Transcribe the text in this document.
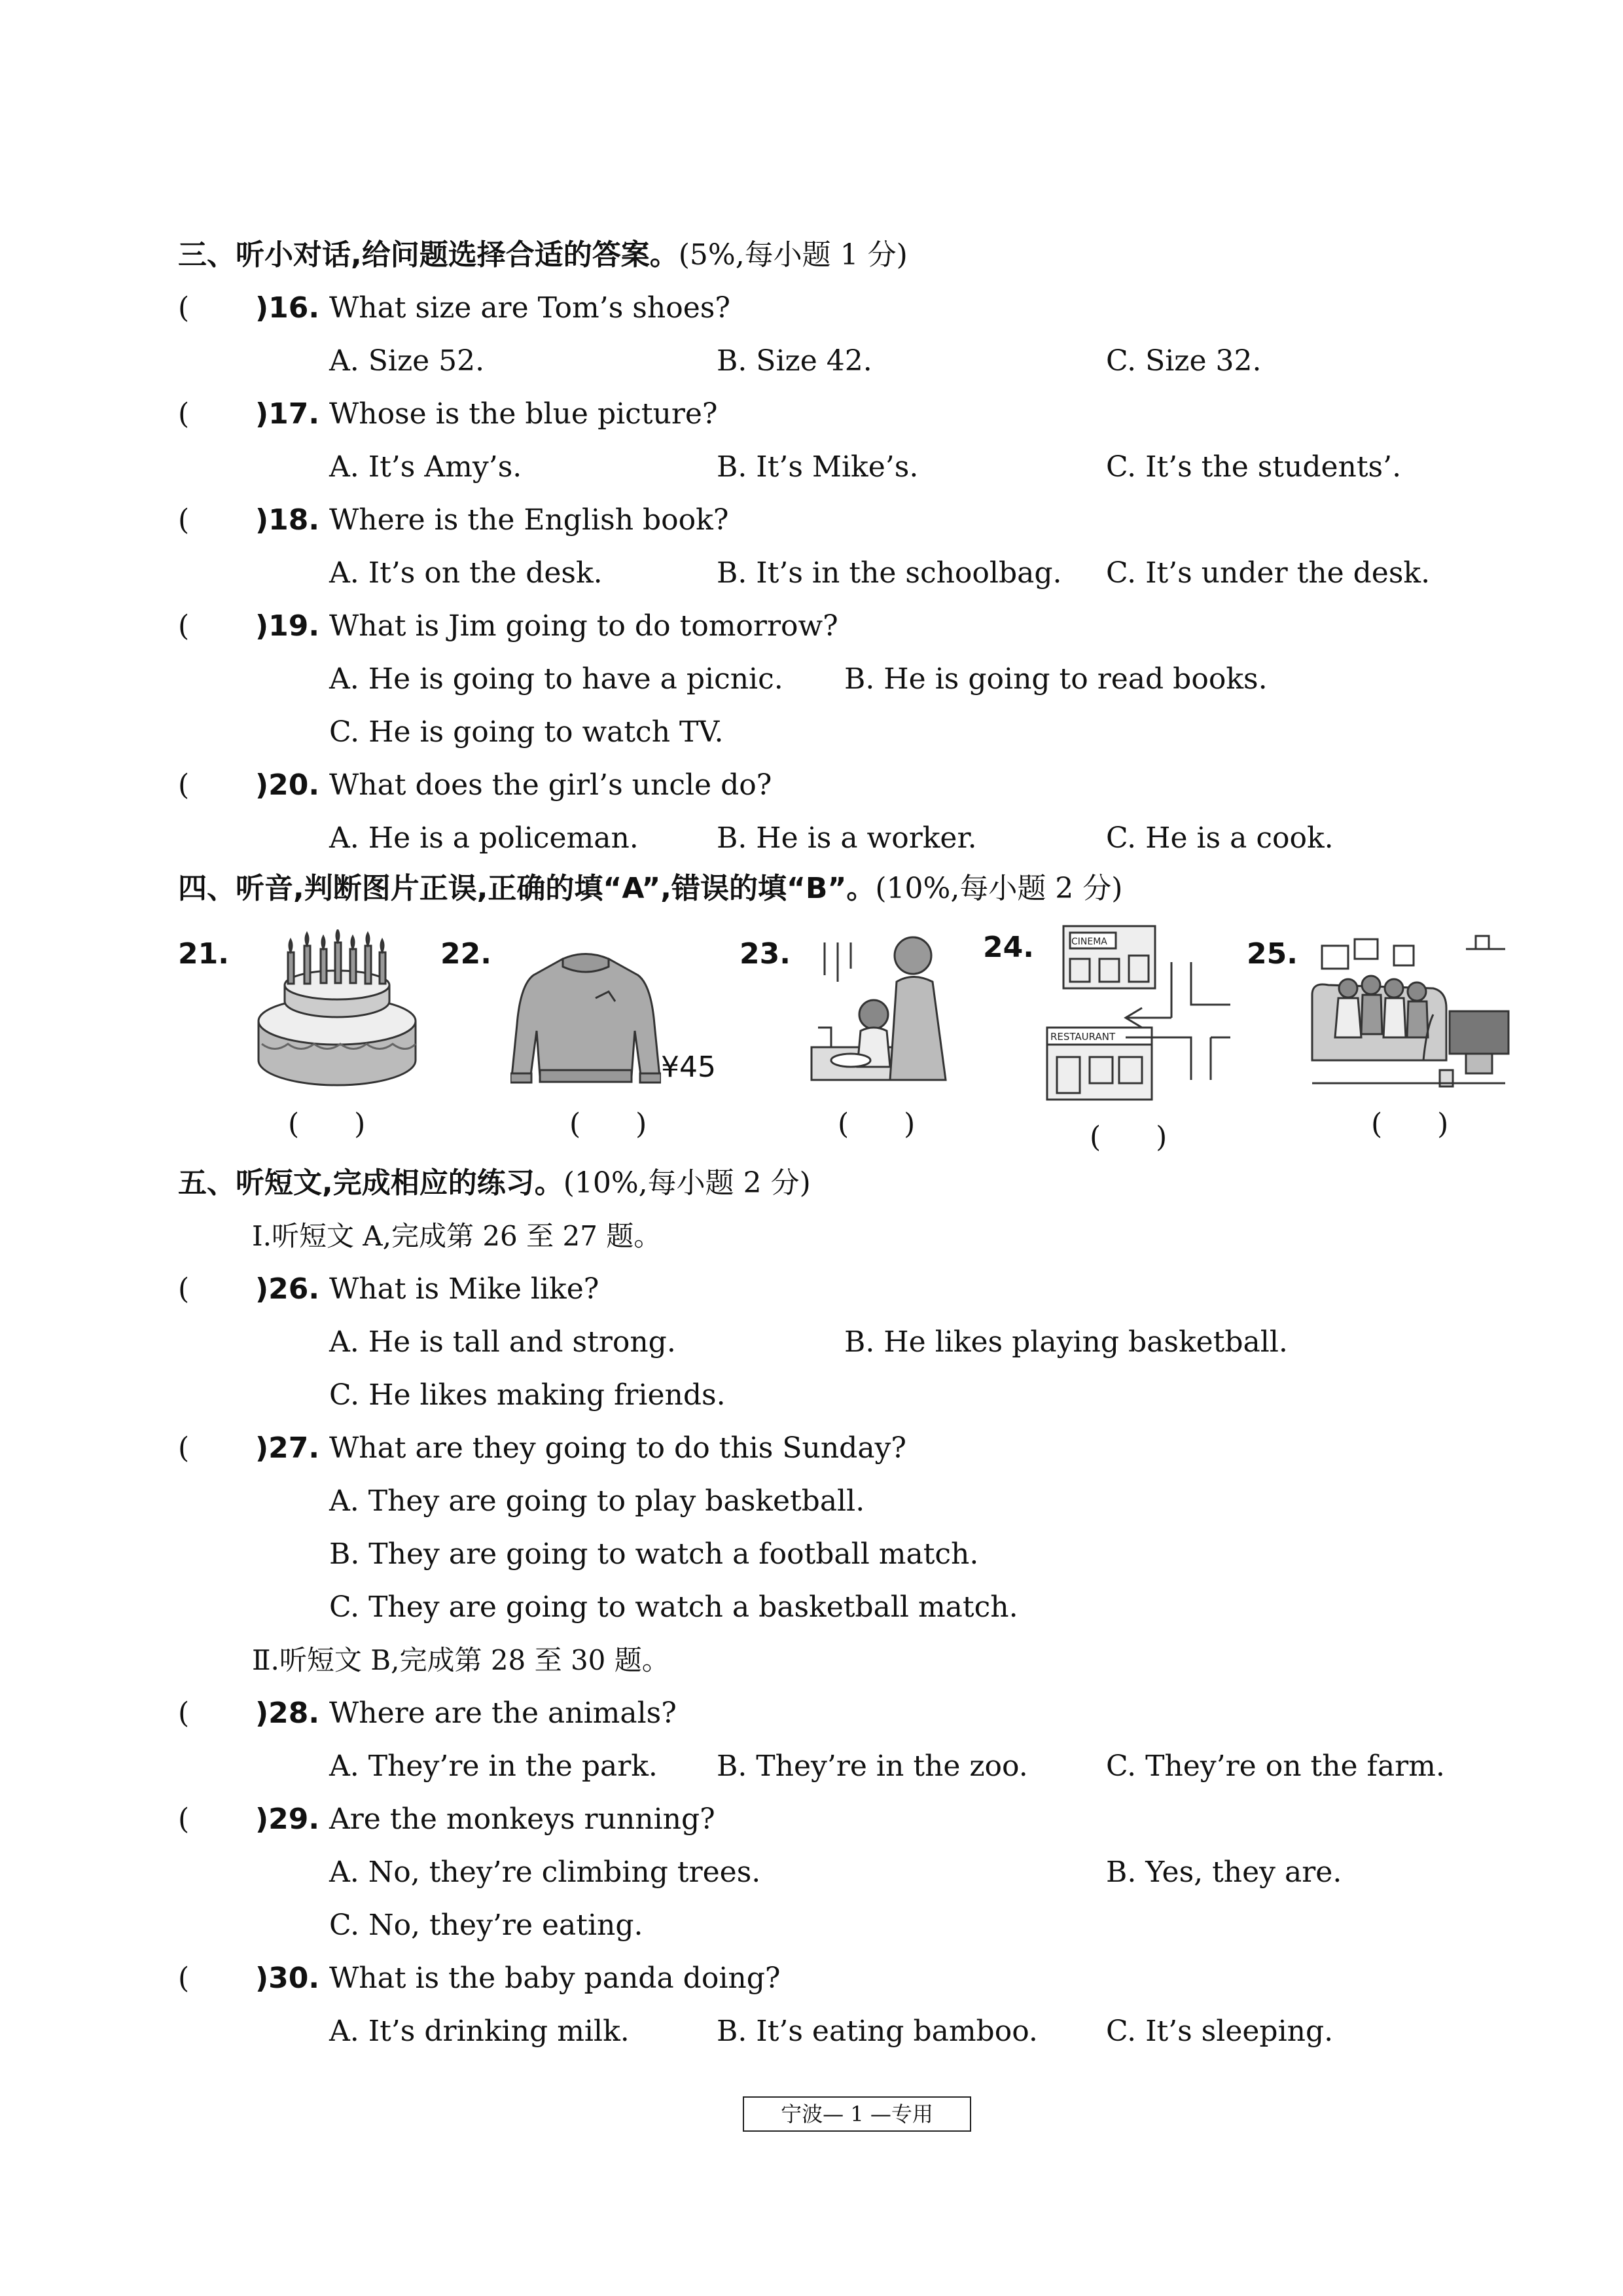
三、听小对话,给问题选择合适的答案。(5%,每小题 1 分)
( )16. What size are Tom’s shoes?
A. Size 52.	B. Size 42.	C. Size 32.
( )17. Whose is the blue picture?
A. It’s Amy’s.	B. It’s Mike’s.	C. It’s the students’.
( )18. Where is the English book?
A. It’s on the desk.	B. It’s in the schoolbag. C. It’s under the desk.
( )19. What is Jim going to do tomorrow?
A. He is going to have a picnic. B. He is going to read books.
C. He is going to watch TV.
( )20. What does the girl’s uncle do?
A. He is a policeman.	B. He is a worker.	C. He is a cook.
四、听音,判断图片正误,正确的填“A”,错误的填“B”。(10%,每小题 2 分)
21.
(      )
22.
¥45
(      )
23.
(      )
24.	CINEMA
RESTAURANT
(      )
25.
(      )
五、听短文,完成相应的练习。(10%,每小题 2 分)
Ⅰ.听短文 A,完成第 26 至 27 题。
( )26. What is Mike like?
A. He is tall and strong.	B. He likes playing basketball.
C. He likes making friends.
( )27. What are they going to do this Sunday?
A. They are going to play basketball.
B. They are going to watch a football match.
C. They are going to watch a basketball match.
Ⅱ.听短文 B,完成第 28 至 30 题。
( )28. Where are the animals?
A. They’re in the park. B. They’re in the zoo.	C. They’re on the farm.
( )29. Are the monkeys running?
A. No, they’re climbing trees.	B. Yes, they are.
C. No, they’re eating.
( )30. What is the baby panda doing?
A. It’s drinking milk.	B. It’s eating bamboo. C. It’s sleeping.
宁波— 1 —专用
